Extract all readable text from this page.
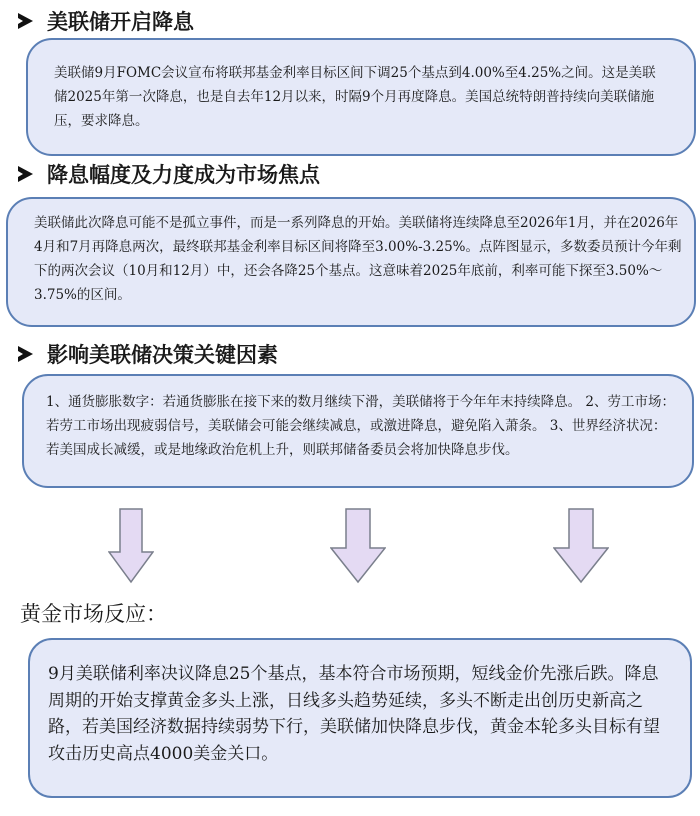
美联储开启降息

美联储9月FOMC会议宣布将联邦基金利率目标区间下调25个基点到4.00%至4.25%之间。这是美联储2025年第一次降息，也是自去年12月以来，时隔9个月再度降息。美国总统特朗普持续向美联储施压，要求降息。

降息幅度及力度成为市场焦点

美联储此次降息可能不是孤立事件，而是一系列降息的开始。美联储将连续降息至2026年1月，并在2026年4月和7月再降息两次，最终联邦基金利率目标区间将降至3.00%-3.25%。点阵图显示，多数委员预计今年剩下的两次会议（10月和12月）中，还会各降25个基点。这意味着2025年底前，利率可能下探至3.50%～3.75%的区间。

影响美联储决策关键因素

1、通货膨胀数字：若通货膨胀在接下来的数月继续下滑，美联储将于今年年末持续降息。 2、劳工市场：若劳工市场出现疲弱信号，美联储会可能会继续减息，或激进降息，避免陷入萧条。 3、世界经济状况：若美国成长减缓，或是地缘政治危机上升，则联邦储备委员会将加快降息步伐。

黄金市场反应：

9月美联储利率决议降息25个基点，基本符合市场预期，短线金价先涨后跌。降息周期的开始支撑黄金多头上涨，日线多头趋势延续，多头不断走出创历史新高之路，若美国经济数据持续弱势下行，美联储加快降息步伐，黄金本轮多头目标有望攻击历史高点4000美金关口。
